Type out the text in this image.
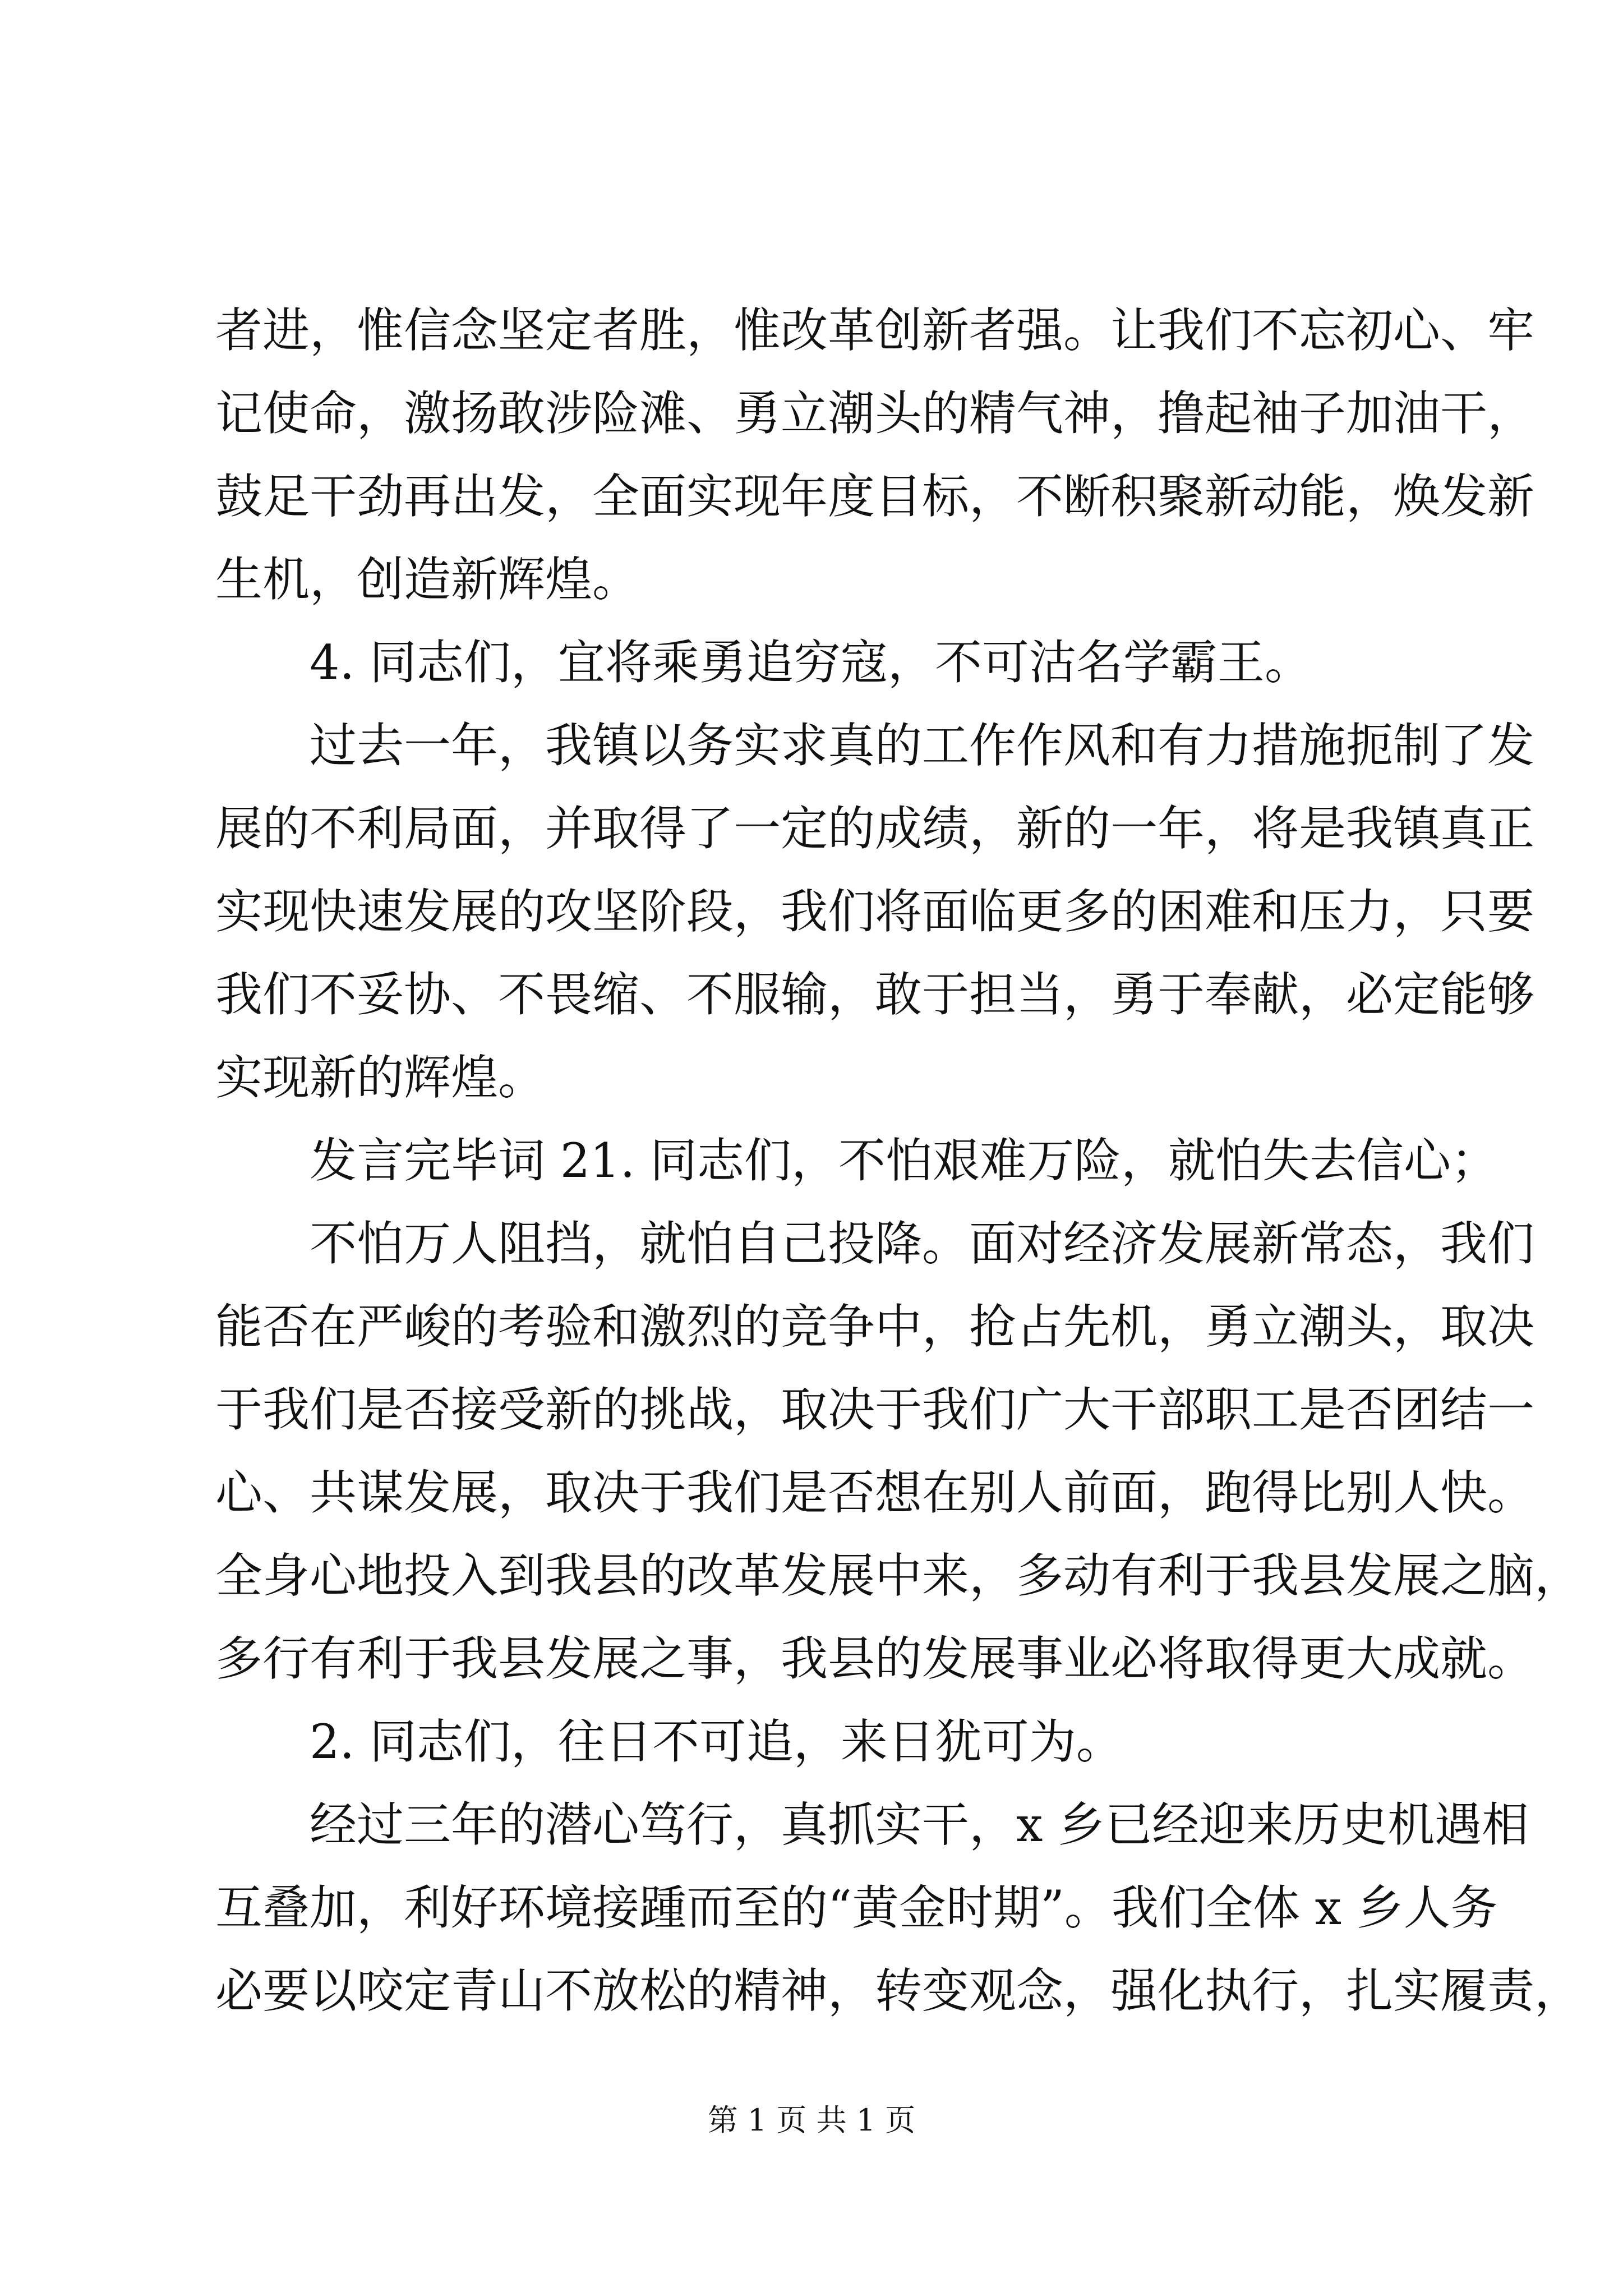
者进，惟信念坚定者胜，惟改革创新者强。让我们不忘初心、牢
记使命，激扬敢涉险滩、勇立潮头的精气神，撸起袖子加油干，
鼓足干劲再出发，全面实现年度目标，不断积聚新动能，焕发新
生机，创造新辉煌。
4. 同志们，宜将乘勇追穷寇，不可沽名学霸王。
过去一年，我镇以务实求真的工作作风和有力措施扼制了发
展的不利局面，并取得了一定的成绩，新的一年，将是我镇真正
实现快速发展的攻坚阶段，我们将面临更多的困难和压力，只要
我们不妥协、不畏缩、不服输，敢于担当，勇于奉献，必定能够
实现新的辉煌。
发言完毕词 21. 同志们，不怕艰难万险，就怕失去信心；
不怕万人阻挡，就怕自己投降。面对经济发展新常态，我们
能否在严峻的考验和激烈的竞争中，抢占先机，勇立潮头，取决
于我们是否接受新的挑战，取决于我们广大干部职工是否团结一
心、共谋发展，取决于我们是否想在别人前面，跑得比别人快。
全身心地投入到我县的改革发展中来，多动有利于我县发展之脑，
多行有利于我县发展之事，我县的发展事业必将取得更大成就。
2. 同志们，往日不可追，来日犹可为。
经过三年的潜心笃行，真抓实干，x 乡已经迎来历史机遇相
互叠加，利好环境接踵而至的“黄金时期”。我们全体 x 乡人务
必要以咬定青山不放松的精神，转变观念，强化执行，扎实履责，
第 1 页 共 1 页
